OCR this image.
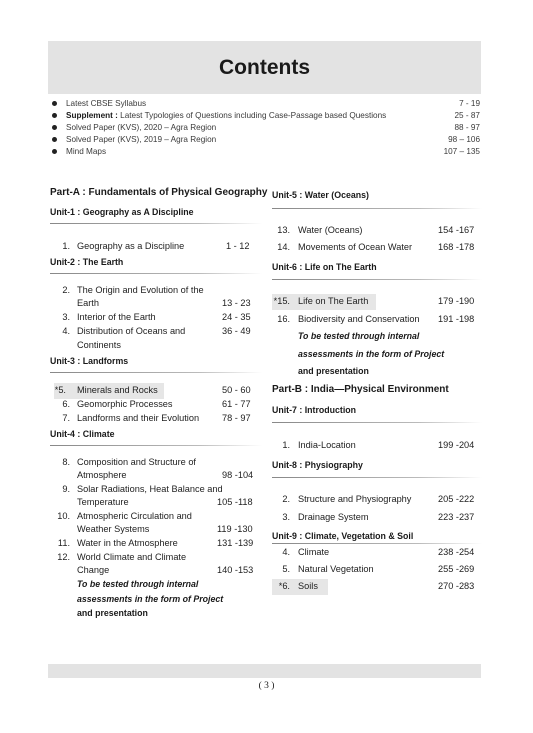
Contents
Latest CBSE Syllabus	7 - 19
Supplement : Latest Typologies of Questions including Case-Passage based Questions	25 - 87
Solved Paper (KVS), 2020 – Agra Region	88 - 97
Solved Paper (KVS), 2019 – Agra Region	98 – 106
Mind Maps	107 – 135
Part-A : Fundamentals of Physical Geography
Unit-1 : Geography as A Discipline
1. Geography as a Discipline	1 - 12
Unit-2 : The Earth
2. The Origin and Evolution of the
Earth	13 - 23
3. Interior of the Earth	24 - 35
4. Distribution of Oceans and	36 - 49
Continents
Unit-3 : Landforms
*5. Minerals and Rocks	50 - 60
6. Geomorphic Processes	61 - 77
7. Landforms and their Evolution 78 - 97
Unit-4 : Climate
8. Composition and Structure of
Atmosphere	98 -104
9. Solar Radiations, Heat Balance and
Temperature	105 -118
10. Atmospheric Circulation and
Weather Systems	119 -130
11. Water in the Atmosphere	131 -139
12. World Climate and Climate
Change	140 -153
To be tested through internal
assessments in the form of Project
and presentation
Unit-5 : Water (Oceans)
13. Water (Oceans)	154 -167
14. Movements of Ocean Water	168 -178
Unit-6 : Life on The Earth
*15. Life on The Earth	179 -190
16. Biodiversity and Conservation 191 -198
To be tested through internal
assessments in the form of Project
and presentation
Part-B : India—Physical Environment
Unit-7 : Introduction
1. India-Location	199 -204
Unit-8 : Physiography
2. Structure and Physiography	205 -222
3. Drainage System	223 -237
Unit-9 : Climate, Vegetation & Soil
4. Climate	238 -254
5. Natural Vegetation	255 -269
*6. Soils	270 -283
( 3 )
